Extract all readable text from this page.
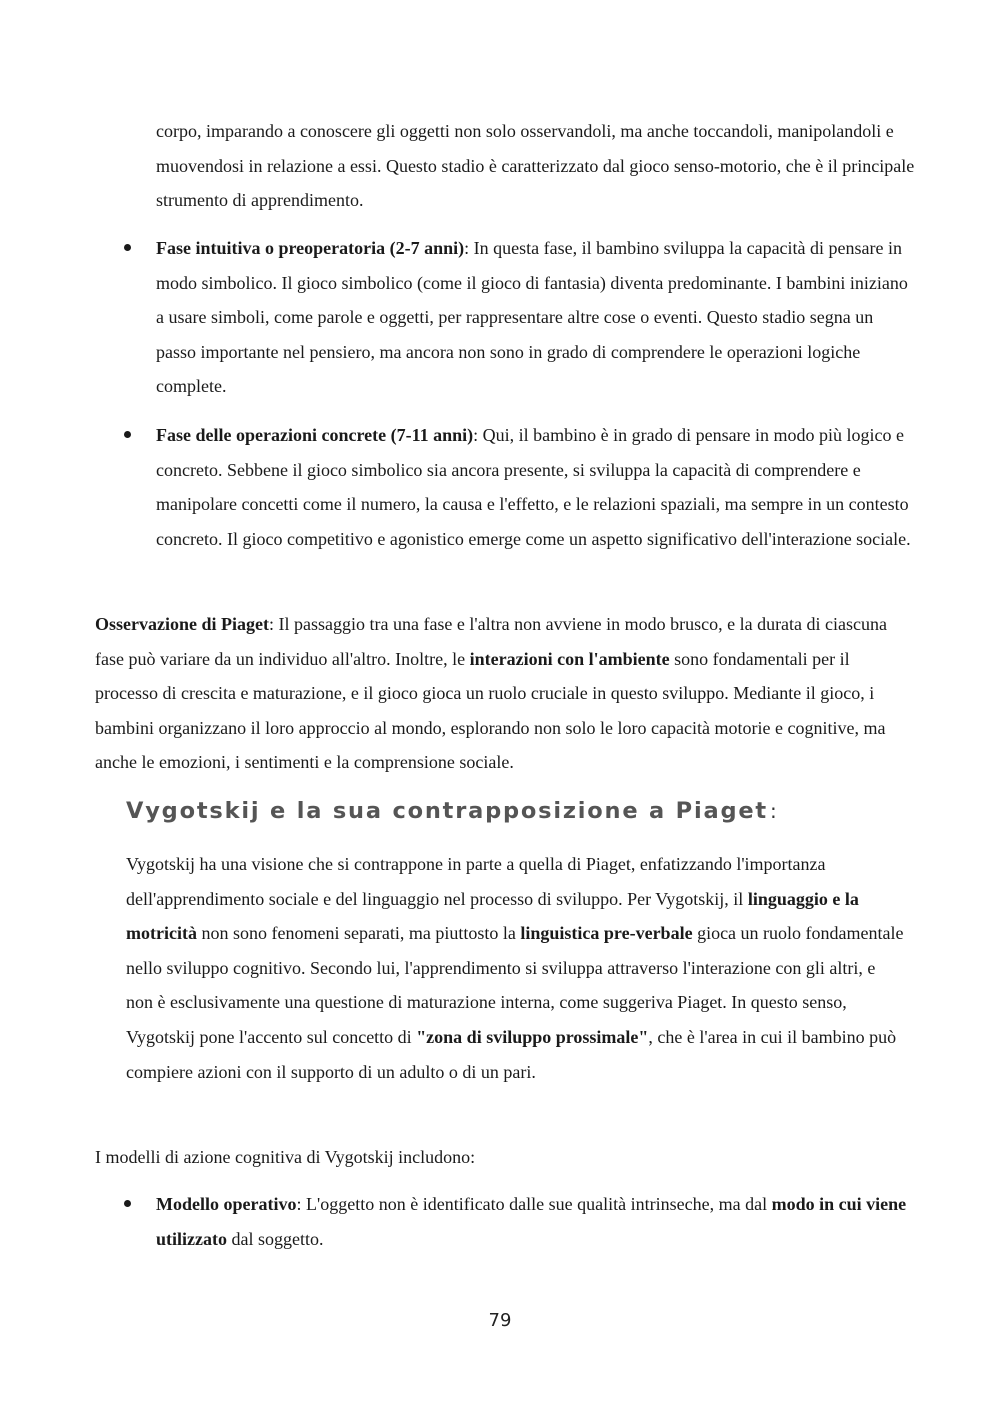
corpo, imparando a conoscere gli oggetti non solo osservandoli, ma anche toccandoli, manipolandoli e muovendosi in relazione a essi. Questo stadio è caratterizzato dal gioco senso-motorio, che è il principale strumento di apprendimento.

Fase intuitiva o preoperatoria (2-7 anni): In questa fase, il bambino sviluppa la capacità di pensare in modo simbolico. Il gioco simbolico (come il gioco di fantasia) diventa predominante. I bambini iniziano a usare simboli, come parole e oggetti, per rappresentare altre cose o eventi. Questo stadio segna un passo importante nel pensiero, ma ancora non sono in grado di comprendere le operazioni logiche complete.

Fase delle operazioni concrete (7-11 anni): Qui, il bambino è in grado di pensare in modo più logico e concreto. Sebbene il gioco simbolico sia ancora presente, si sviluppa la capacità di comprendere e manipolare concetti come il numero, la causa e l'effetto, e le relazioni spaziali, ma sempre in un contesto concreto. Il gioco competitivo e agonistico emerge come un aspetto significativo dell'interazione sociale.

Osservazione di Piaget: Il passaggio tra una fase e l'altra non avviene in modo brusco, e la durata di ciascuna fase può variare da un individuo all'altro. Inoltre, le interazioni con l'ambiente sono fondamentali per il processo di crescita e maturazione, e il gioco gioca un ruolo cruciale in questo sviluppo. Mediante il gioco, i bambini organizzano il loro approccio al mondo, esplorando non solo le loro capacità motorie e cognitive, ma anche le emozioni, i sentimenti e la comprensione sociale.

Vygotskij e la sua contrapposizione a Piaget :

Vygotskij ha una visione che si contrappone in parte a quella di Piaget, enfatizzando l'importanza dell'apprendimento sociale e del linguaggio nel processo di sviluppo. Per Vygotskij, il linguaggio e la motricità non sono fenomeni separati, ma piuttosto la linguistica pre-verbale gioca un ruolo fondamentale nello sviluppo cognitivo. Secondo lui, l'apprendimento si sviluppa attraverso l'interazione con gli altri, e non è esclusivamente una questione di maturazione interna, come suggeriva Piaget. In questo senso, Vygotskij pone l'accento sul concetto di "zona di sviluppo prossimale", che è l'area in cui il bambino può compiere azioni con il supporto di un adulto o di un pari.

I modelli di azione cognitiva di Vygotskij includono:

Modello operativo: L'oggetto non è identificato dalle sue qualità intrinseche, ma dal modo in cui viene utilizzato dal soggetto.

79
